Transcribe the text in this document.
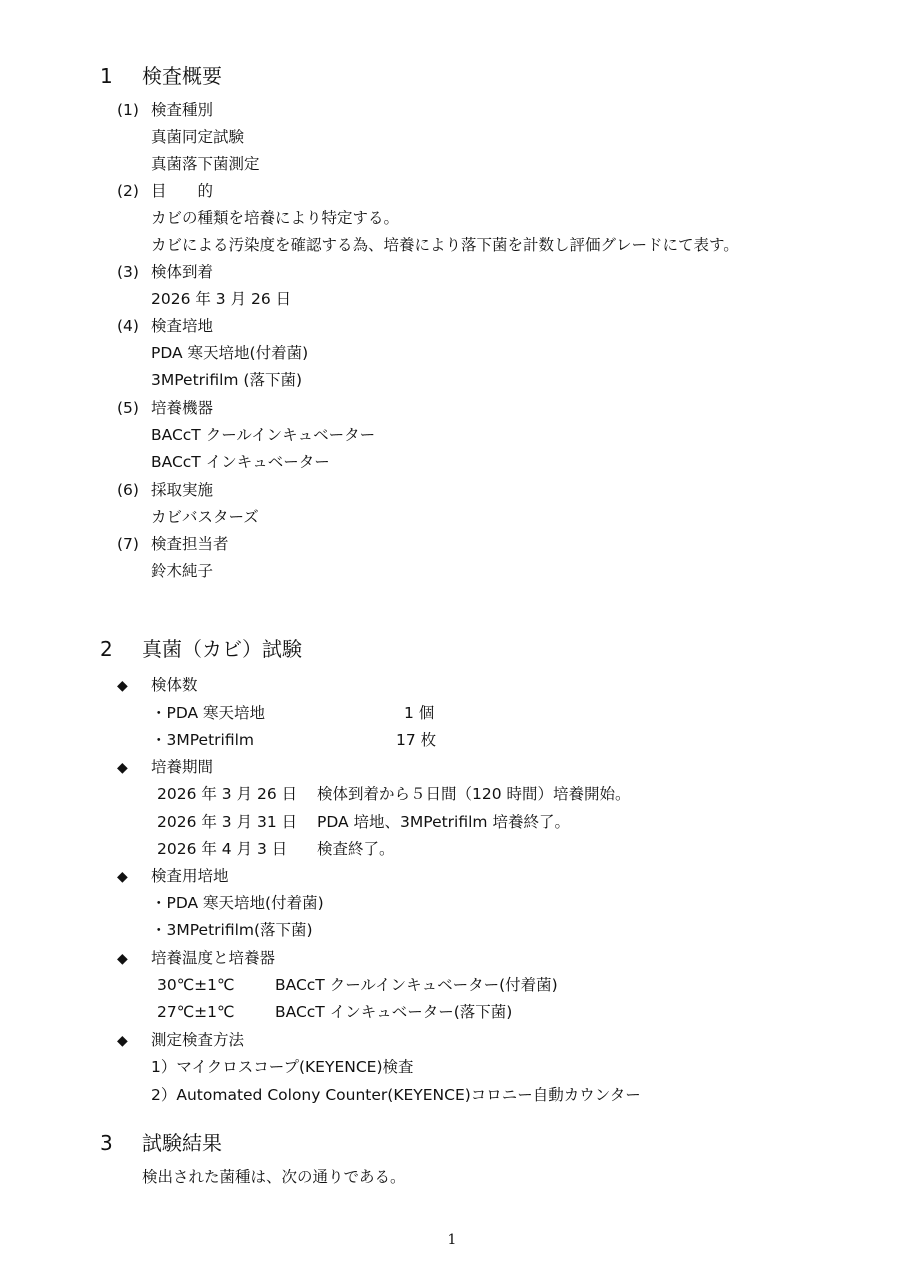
1 検査概要
(1) 検査種別
真菌同定試験
真菌落下菌測定
(2) 目　　的
カビの種類を培養により特定する。
カビによる汚染度を確認する為、培養により落下菌を計数し評価グレードにて表す。
(3) 検体到着
2026 年 3 月 26 日
(4) 検査培地
PDA 寒天培地(付着菌)
3MPetrifilm (落下菌)
(5) 培養機器
BACcT クールインキュベーター
BACcT インキュベーター
(6) 採取実施
カビバスターズ
(7) 検査担当者
鈴木純子
2 真菌（カビ）試験
◆ 検体数
・PDA 寒天培地	1 個
・3MPetrifilm	17 枚
◆ 培養期間
2026 年 3 月 26 日 検体到着から５日間（120 時間）培養開始。
2026 年 3 月 31 日 PDA 培地、3MPetrifilm 培養終了。
2026 年 4 月 3 日 検査終了。
◆ 検査用培地
・PDA 寒天培地(付着菌)
・3MPetrifilm(落下菌)
◆ 培養温度と培養器
30℃±1℃	BACcT クールインキュベーター(付着菌)
27℃±1℃	BACcT インキュベーター(落下菌)
◆ 測定検査方法
1）マイクロスコープ(KEYENCE)検査
2）Automated Colony Counter(KEYENCE)コロニー自動カウンター
3 試験結果
検出された菌種は、次の通りである。
1
